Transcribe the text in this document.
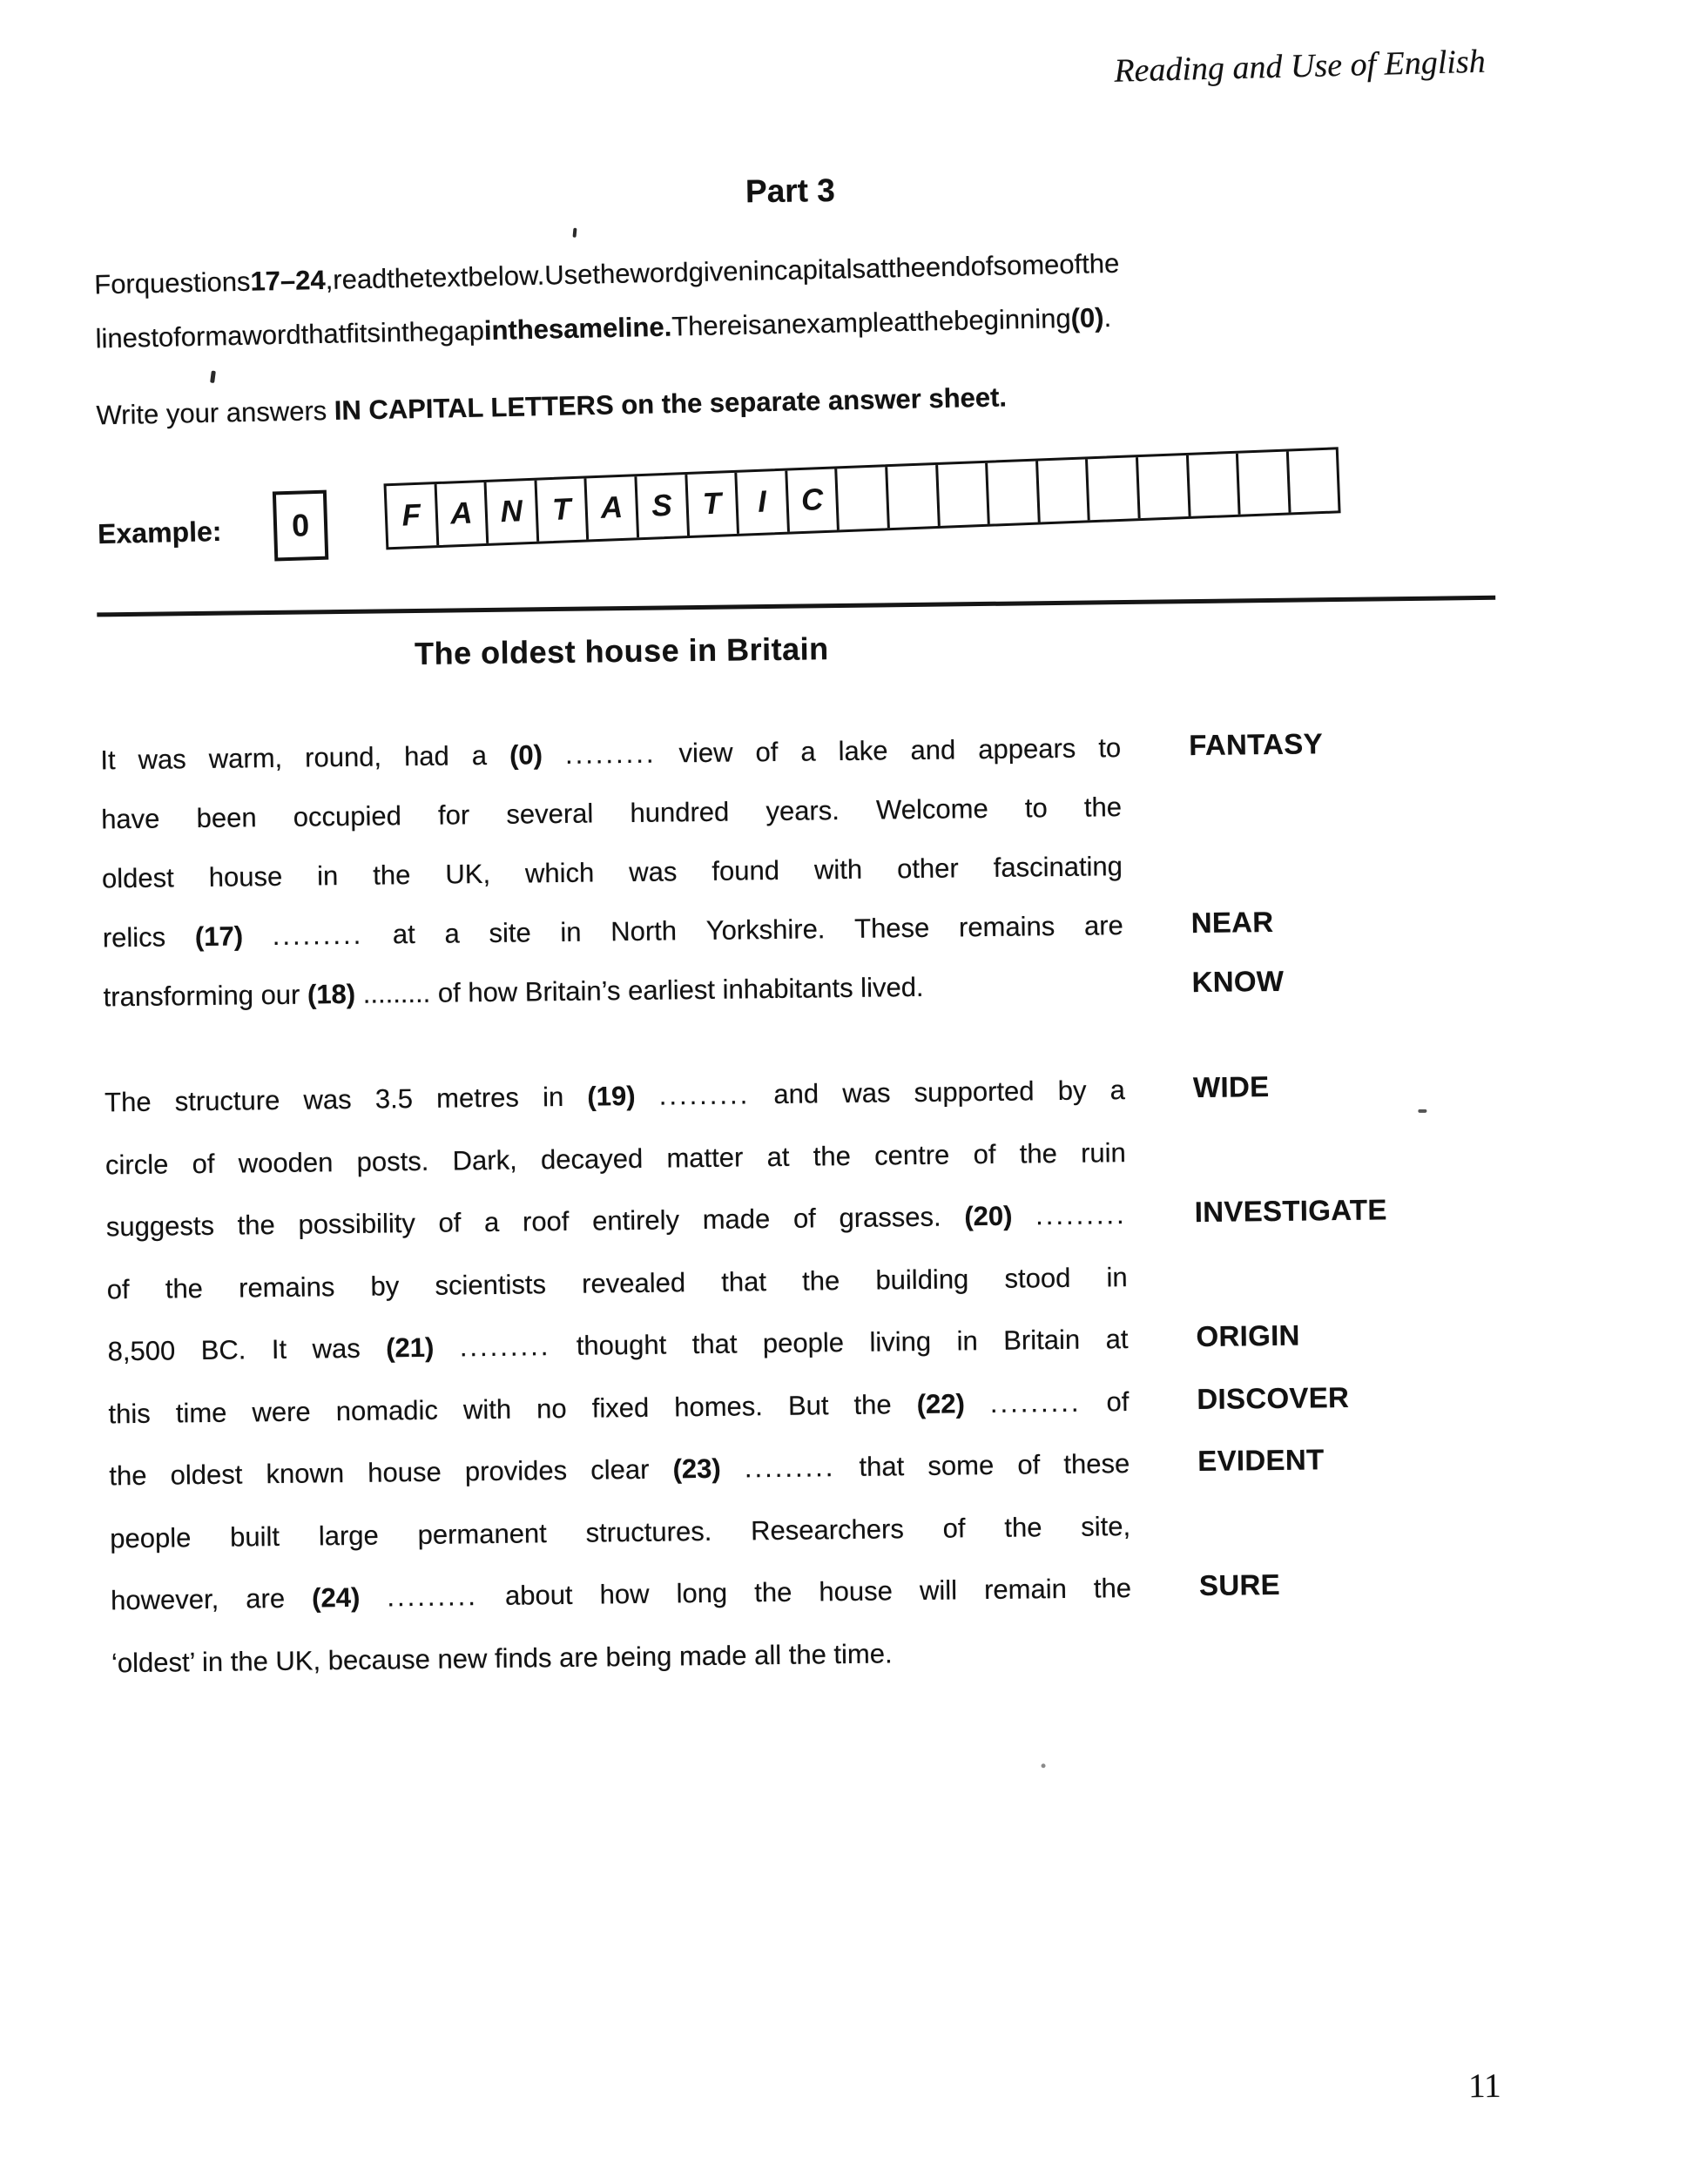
Reading and Use of English
Part 3
Forquestions17–24,readthetextbelow.Usethewordgivenincapitalsattheendofsomeofthe
linestoformawordthatfitsinthegapinthesameline.Thereisanexampleatthebeginning(0).
Write your answers IN CAPITAL LETTERS on the separate answer sheet.
Example: 0	F A N T A S T	I	C
The oldest house in Britain
It was warm, round, had a (0) ......... view of a lake and appears to FANTASY
have been occupied for several hundred years. Welcome to the
oldest house in the UK, which was found with other fascinating
relics (17) ......... at a site in North Yorkshire. These remains are NEAR
transforming our (18) ......... of how Britain’s earliest inhabitants lived.	KNOW
The structure was 3.5 metres in (19) ......... and was supported by a WIDE
circle of wooden posts. Dark, decayed matter at the centre of the ruin
suggests the possibility of a roof entirely made of grasses. (20) ......... INVESTIGATE
of the remains by scientists revealed that the building stood in
8,500 BC. It was (21) ......... thought that people living in Britain at ORIGIN
this time were nomadic with no fixed homes. But the (22) ......... of DISCOVER
the oldest known house provides clear (23) ......... that some of these EVIDENT
people built large permanent structures. Researchers of the site,
however, are (24) ......... about how long the house will remain the SURE
‘oldest’ in the UK, because new finds are being made all the time.
11
